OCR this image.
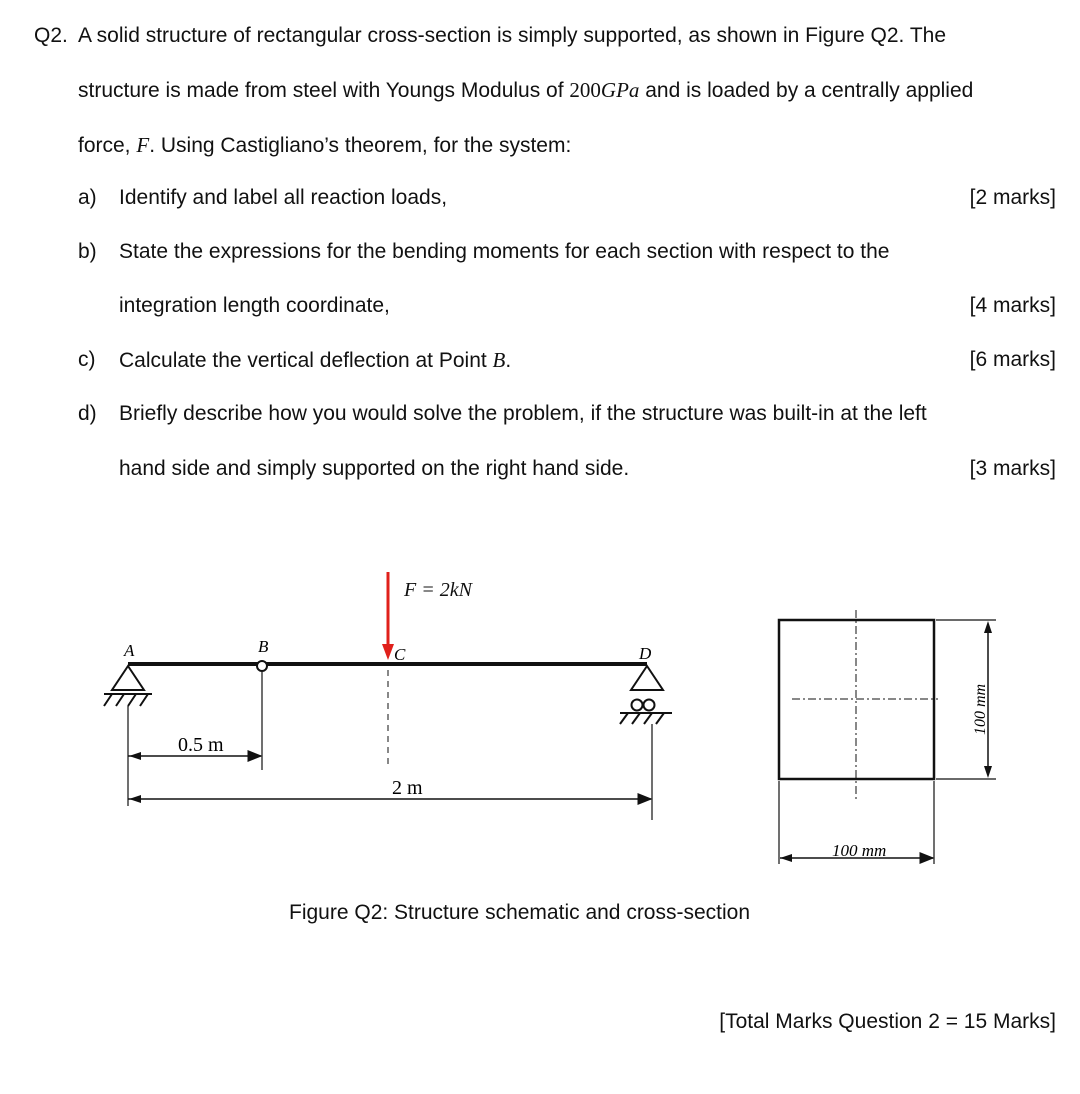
Q2. A solid structure of rectangular cross-section is simply supported, as shown in Figure Q2. The
structure is made from steel with Youngs Modulus of 200GPa and is loaded by a centrally applied
force, F. Using Castigliano’s theorem, for the system:
a) Identify and label all reaction loads,	[2 marks]
b) State the expressions for the bending moments for each section with respect to the
integration length coordinate,	[4 marks]
c) Calculate the vertical deflection at Point B.	[6 marks]
d) Briefly describe how you would solve the problem, if the structure was built-in at the left
hand side and simply supported on the right hand side.	[3 marks]
F = 2kN
A	B	C	D
0.5 m
2 m
100 mm
100 mm
Figure Q2: Structure schematic and cross-section
[Total Marks Question 2 = 15 Marks]
